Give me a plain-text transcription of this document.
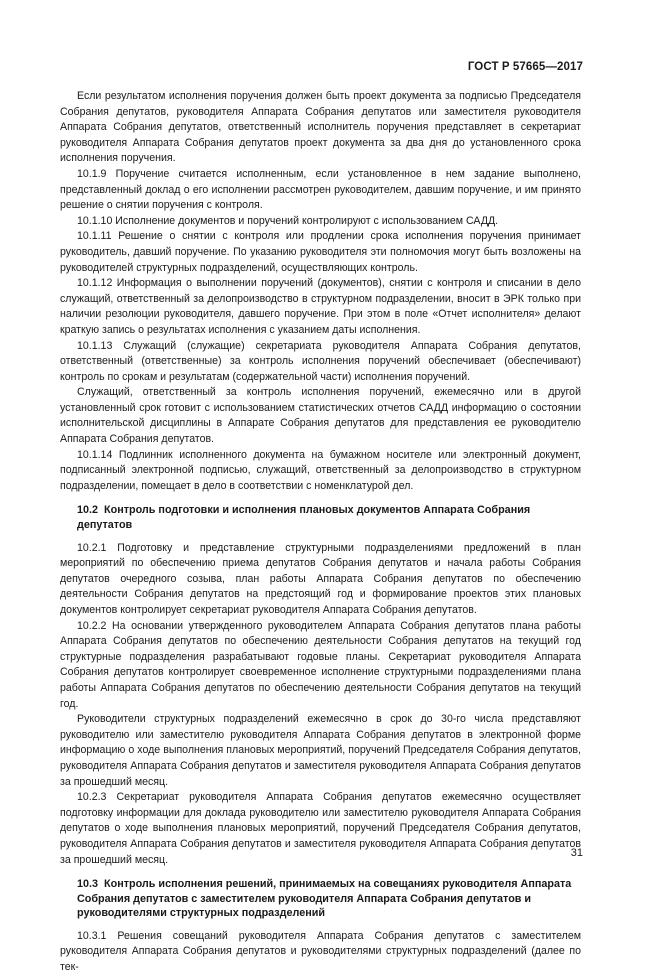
ГОСТ Р 57665—2017

Если результатом исполнения поручения должен быть проект документа за подписью Председателя Собрания депутатов, руководителя Аппарата Собрания депутатов или заместителя руководителя Аппарата Собрания депутатов, ответственный исполнитель поручения представляет в секретариат руководителя Аппарата Собрания депутатов проект документа за два дня до установленного срока исполнения поручения.

10.1.9 Поручение считается исполненным, если установленное в нем задание выполнено, представленный доклад о его исполнении рассмотрен руководителем, давшим поручение, и им принято решение о снятии поручения с контроля.

10.1.10 Исполнение документов и поручений контролируют с использованием САДД.

10.1.11 Решение о снятии с контроля или продлении срока исполнения поручения принимает руководитель, давший поручение. По указанию руководителя эти полномочия могут быть возложены на руководителей структурных подразделений, осуществляющих контроль.

10.1.12 Информация о выполнении поручений (документов), снятии с контроля и списании в дело служащий, ответственный за делопроизводство в структурном подразделении, вносит в ЭРК только при наличии резолюции руководителя, давшего поручение. При этом в поле «Отчет исполнителя» делают краткую запись о результатах исполнения с указанием даты исполнения.

10.1.13 Служащий (служащие) секретариата руководителя Аппарата Собрания депутатов, ответственный (ответственные) за контроль исполнения поручений обеспечивает (обеспечивают) контроль по срокам и результатам (содержательной части) исполнения поручений.

Служащий, ответственный за контроль исполнения поручений, ежемесячно или в другой установленный срок готовит с использованием статистических отчетов САДД информацию о состоянии исполнительской дисциплины в Аппарате Собрания депутатов для представления ее руководителю Аппарата Собрания депутатов.

10.1.14 Подлинник исполненного документа на бумажном носителе или электронный документ, подписанный электронной подписью, служащий, ответственный за делопроизводство в структурном подразделении, помещает в дело в соответствии с номенклатурой дел.

10.2 Контроль подготовки и исполнения плановых документов Аппарата Собрания депутатов

10.2.1 Подготовку и представление структурными подразделениями предложений в план мероприятий по обеспечению приема депутатов Собрания депутатов и начала работы Собрания депутатов очередного созыва, план работы Аппарата Собрания депутатов по обеспечению деятельности Собрания депутатов на предстоящий год и формирование проектов этих плановых документов контролирует секретариат руководителя Аппарата Собрания депутатов.

10.2.2 На основании утвержденного руководителем Аппарата Собрания депутатов плана работы Аппарата Собрания депутатов по обеспечению деятельности Собрания депутатов на текущий год структурные подразделения разрабатывают годовые планы. Секретариат руководителя Аппарата Собрания депутатов контролирует своевременное исполнение структурными подразделениями плана работы Аппарата Собрания депутатов по обеспечению деятельности Собрания депутатов на текущий год.

Руководители структурных подразделений ежемесячно в срок до 30-го числа представляют руководителю или заместителю руководителя Аппарата Собрания депутатов в электронной форме информацию о ходе выполнения плановых мероприятий, поручений Председателя Собрания депутатов, руководителя Аппарата Собрания депутатов и заместителя руководителя Аппарата Собрания депутатов за прошедший месяц.

10.2.3 Секретариат руководителя Аппарата Собрания депутатов ежемесячно осуществляет подготовку информации для доклада руководителю или заместителю руководителя Аппарата Собрания депутатов о ходе выполнения плановых мероприятий, поручений Председателя Собрания депутатов, руководителя Аппарата Собрания депутатов и заместителя руководителя Аппарата Собрания депутатов за прошедший месяц.

10.3 Контроль исполнения решений, принимаемых на совещаниях руководителя Аппарата Собрания депутатов с заместителем руководителя Аппарата Собрания депутатов и руководителями структурных подразделений

10.3.1 Решения совещаний руководителя Аппарата Собрания депутатов с заместителем руководителя Аппарата Собрания депутатов и руководителями структурных подразделений (далее по тек-

31
